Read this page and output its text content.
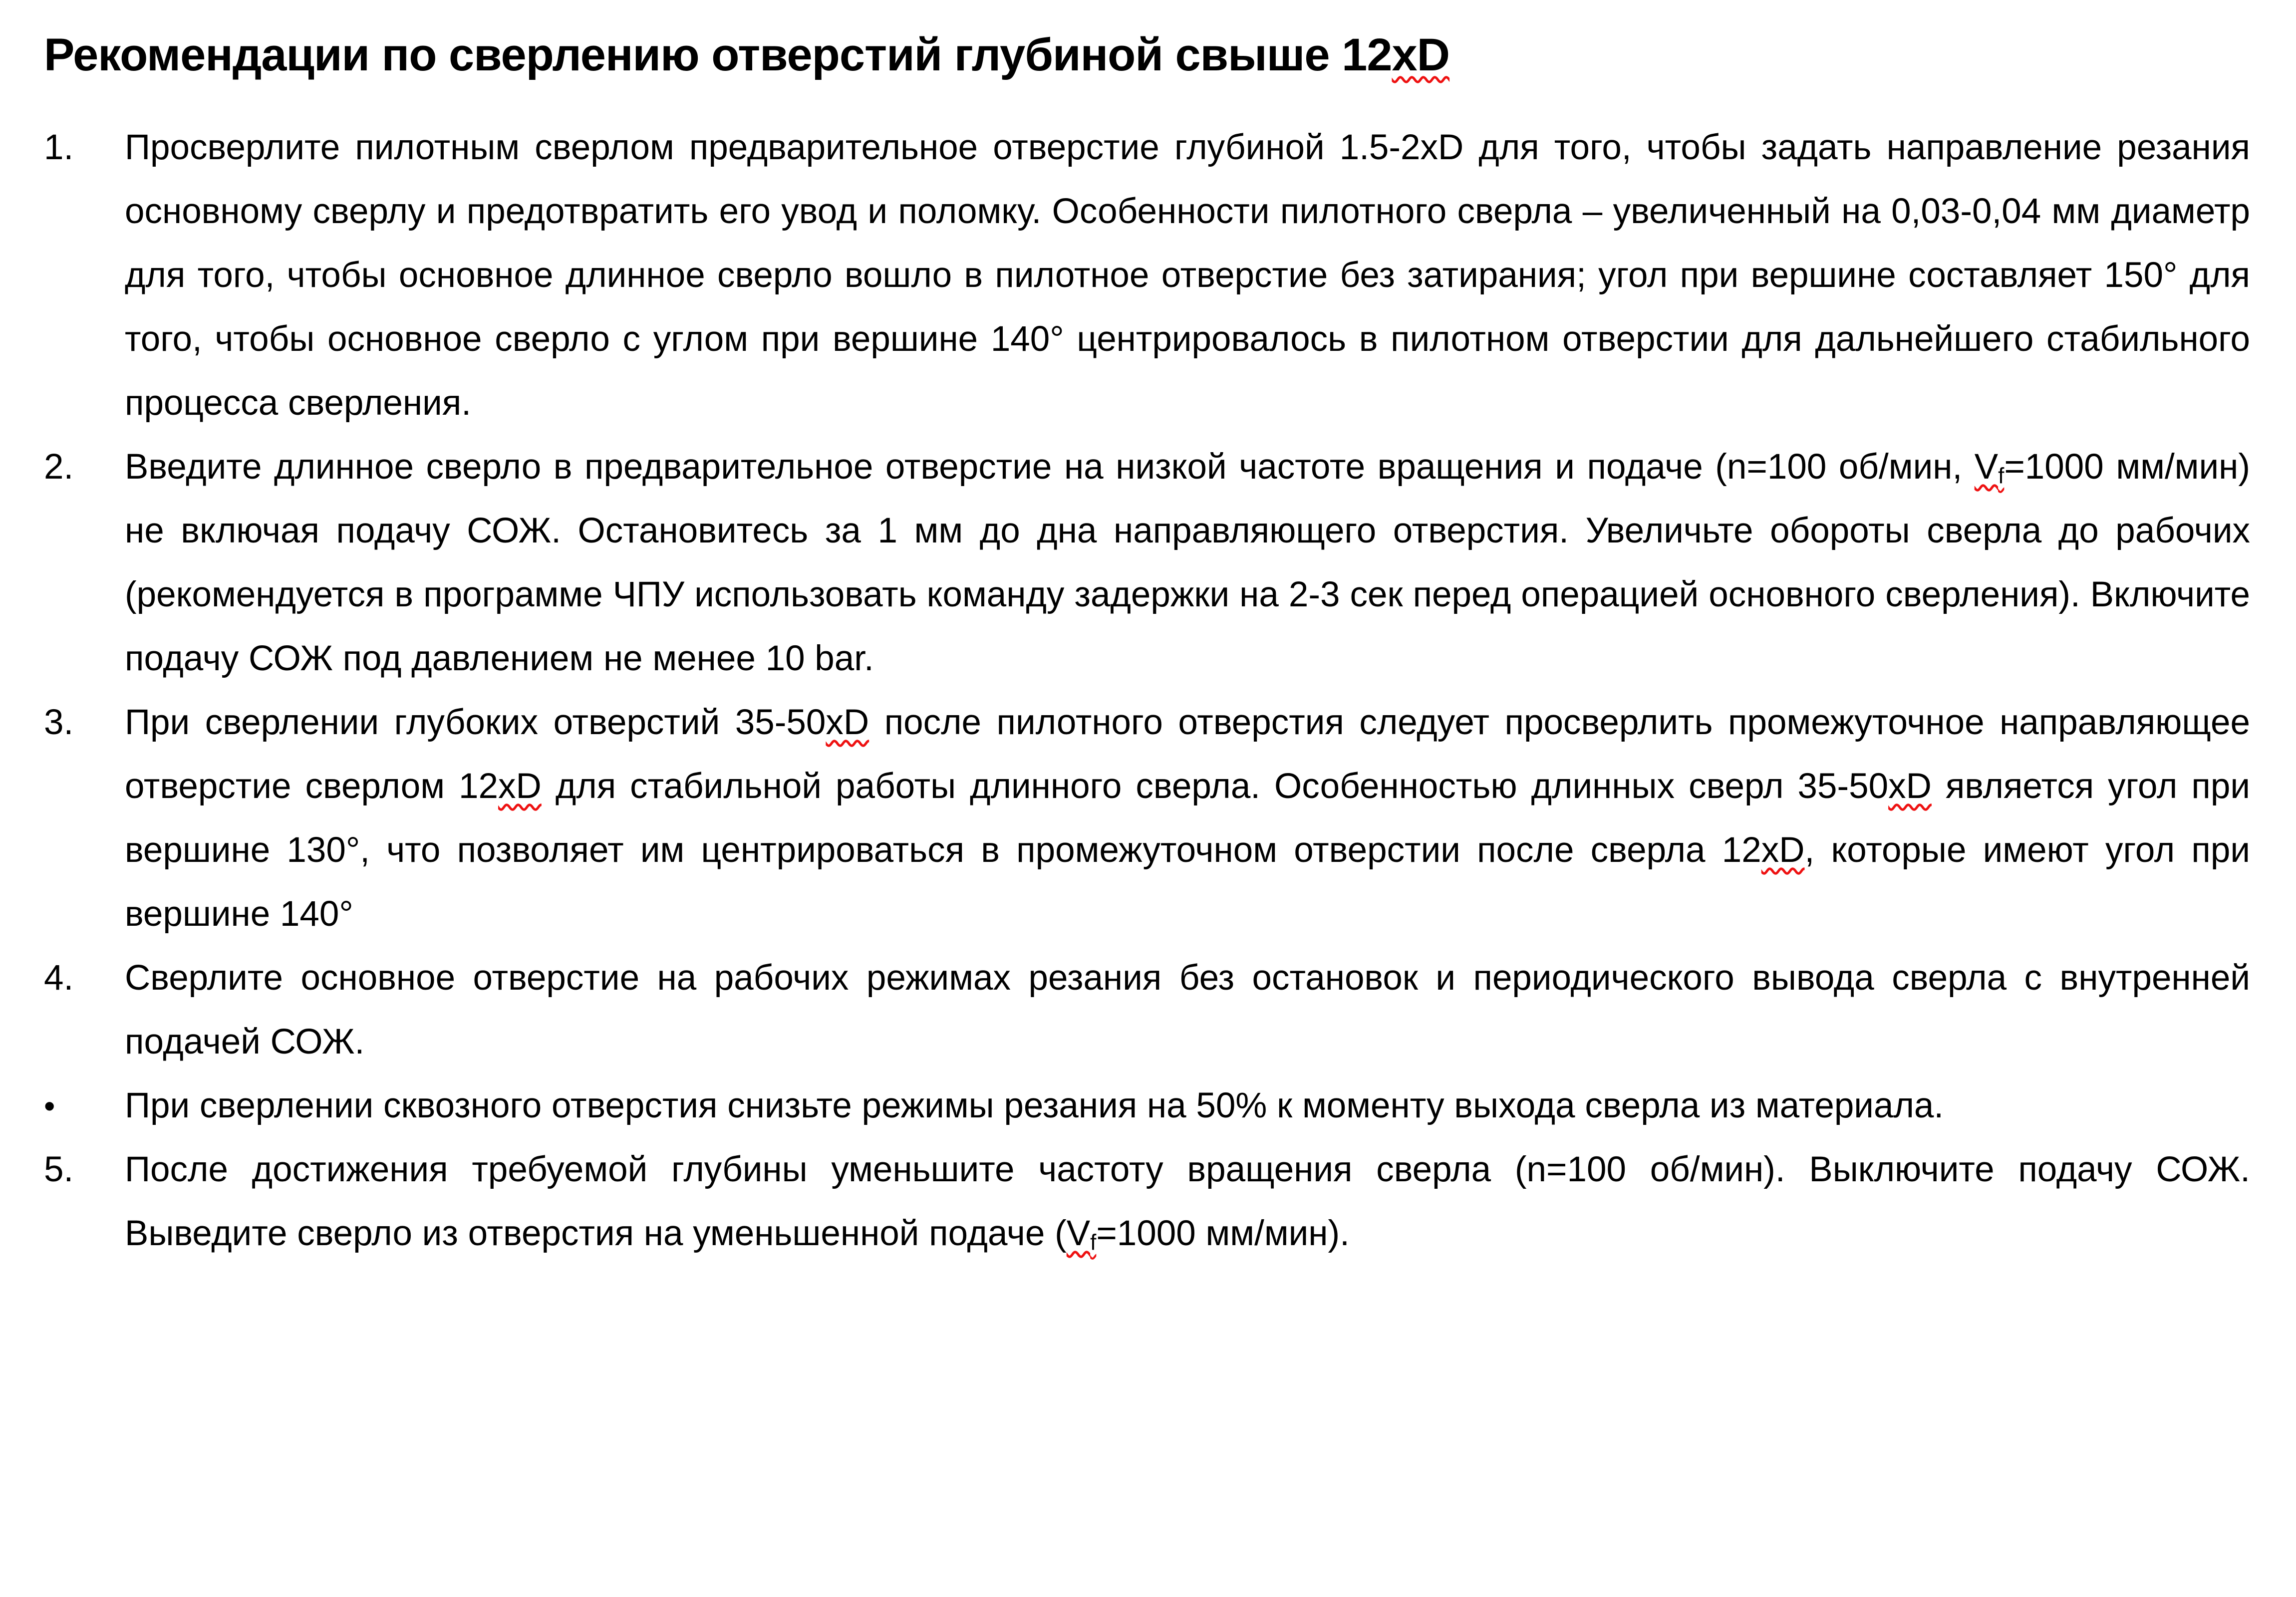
Рекомендации по сверлению отверстий глубиной свыше 12xD
1. Просверлите пилотным сверлом предварительное отверстие глубиной 1.5-2xD для того, чтобы задать направление резания основному сверлу и предотвратить его увод и поломку. Особенности пилотного сверла – увеличенный на 0,03-0,04 мм диаметр для того, чтобы основное длинное сверло вошло в пилотное отверстие без затирания; угол при вершине составляет 150° для того, чтобы основное сверло с углом при вершине 140° центрировалось в пилотном отверстии для дальнейшего стабильного процесса сверления.
2. Введите длинное сверло в предварительное отверстие на низкой частоте вращения и подаче (n=100 об/мин, $V_f=1000$ мм/мин) не включая подачу СОЖ. Остановитесь за 1 мм до дна направляющего отверстия. Увеличьте обороты сверла до рабочих (рекомендуется в программе ЧПУ использовать команду задержки на 2-3 сек перед операцией основного сверления). Включите подачу СОЖ под давлением не менее 10 bar.
3. При сверлении глубоких отверстий 35-50xD после пилотного отверстия следует просверлить промежуточное направляющее отверстие сверлом 12xD для стабильной работы длинного сверла. Особенностью длинных сверл 35-50xD является угол при вершине 130°, что позволяет им центрироваться в промежуточном отверстии после сверла 12xD, которые имеют угол при вершине 140°
4. Сверлите основное отверстие на рабочих режимах резания без остановок и периодического вывода сверла с внутренней подачей СОЖ.
• При сверлении сквозного отверстия снизьте режимы резания на 50% к моменту выхода сверла из материала.
5. После достижения требуемой глубины уменьшите частоту вращения сверла (n=100 об/мин). Выключите подачу СОЖ. Выведите сверло из отверстия на уменьшенной подаче ($V_f=1000$ мм/мин).
